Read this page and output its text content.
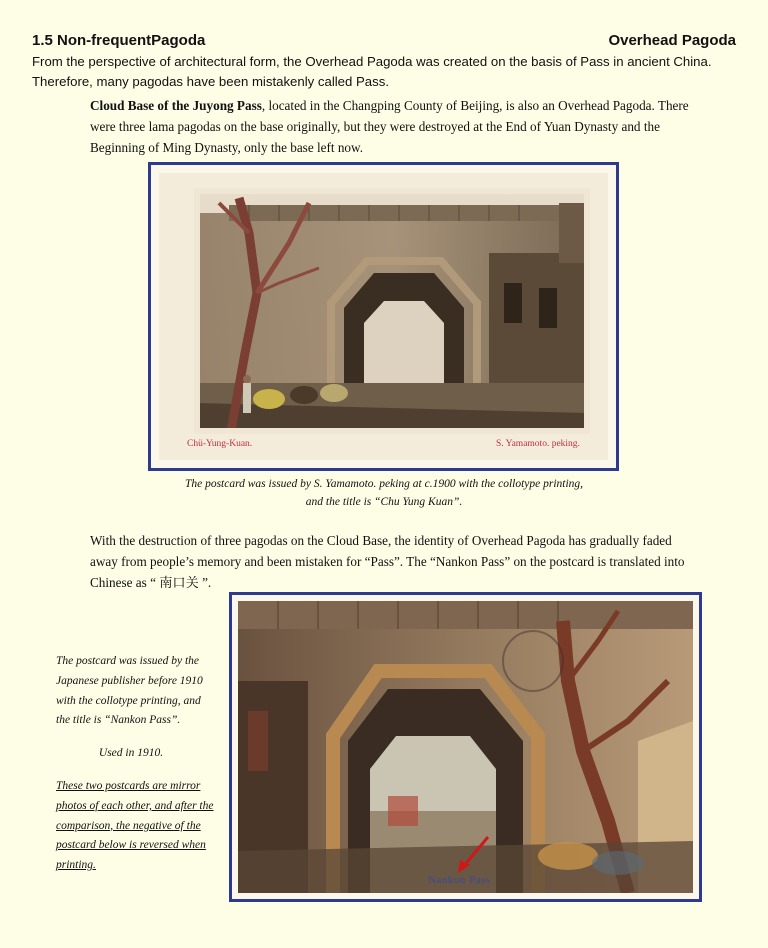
1.5 Non-frequentPagoda	Overhead Pagoda
From the perspective of architectural form, the Overhead Pagoda was created on the basis of Pass in ancient China. Therefore, many pagodas have been mistakenly called Pass.
Cloud Base of the Juyong Pass, located in the Changping County of Beijing, is also an Overhead Pagoda. There were three lama pagodas on the base originally, but they were destroyed at the End of Yuan Dynasty and the Beginning of Ming Dynasty, only the base left now.
Chü-Yung-Kuan.	S. Yamamoto. peking.
The postcard was issued by S. Yamamoto. peking at c.1900 with the collotype printing,
and the title is “Chu Yung Kuan”.
With the destruction of three pagodas on the Cloud Base, the identity of Overhead Pagoda has gradually faded away from people’s memory and been mistaken for “Pass”. The “Nankon Pass” on the postcard is translated into Chinese as “ 南口关 ”.
The postcard was issued by the Japanese publisher before 1910 with the collotype printing, and the title is “Nankon Pass”.
Used in 1910.
These two postcards are mirror photos of each other, and after the comparison, the negative of the postcard below is reversed when printing.
Nankon Pass
